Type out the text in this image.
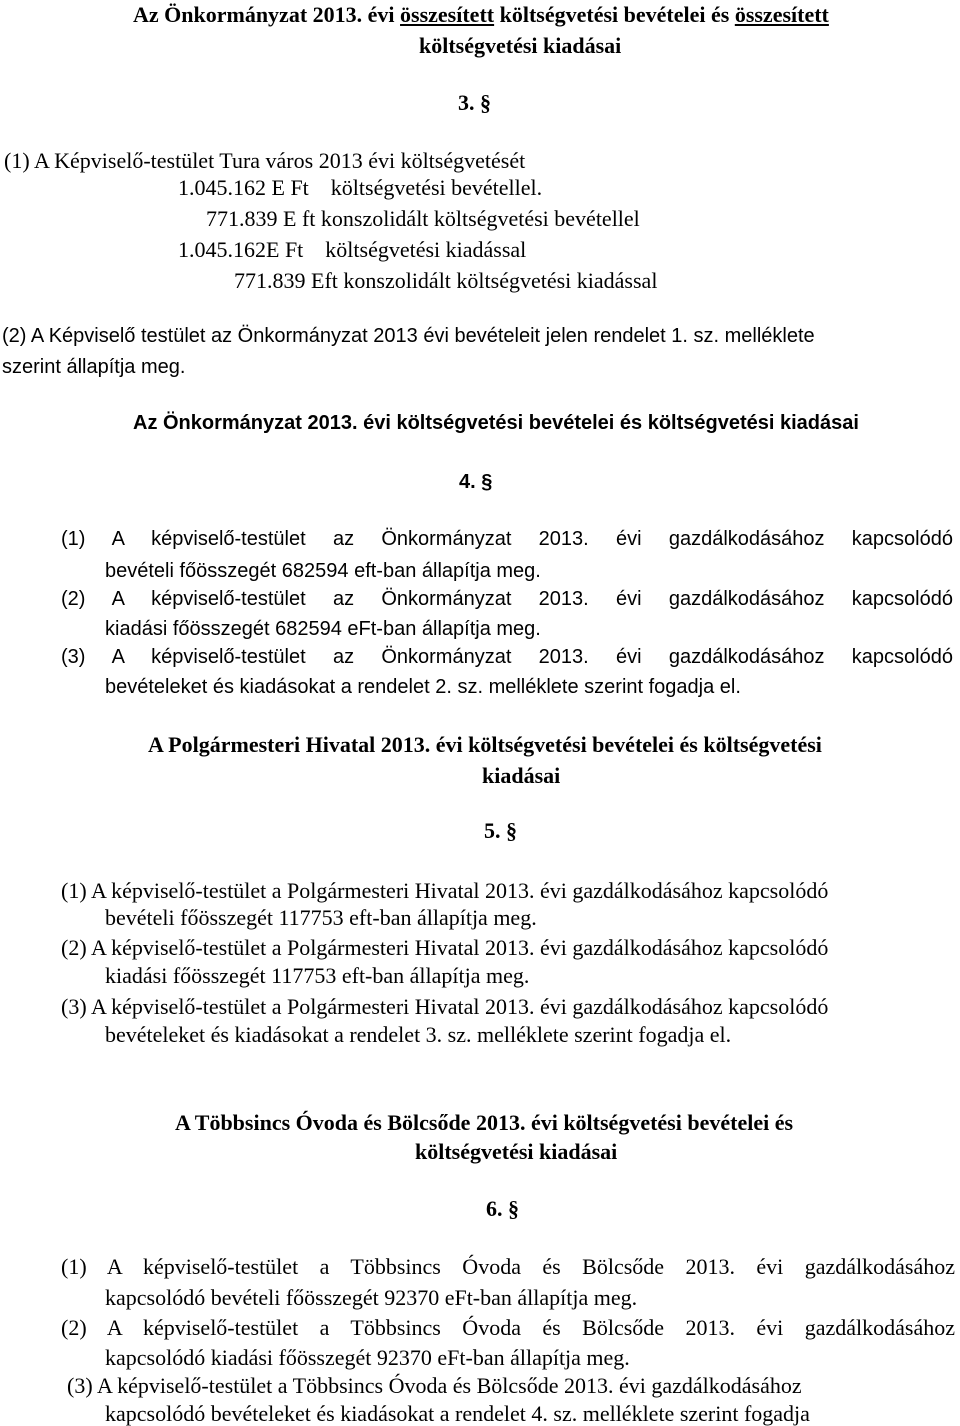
Az Önkormányzat 2013. évi összesített költségvetési bevételei és összesített
költségvetési kiadásai
3. §
(1) A Képviselő-testület Tura város 2013 évi költségvetését
1.045.162 E Ft    költségvetési bevétellel.
771.839 E ft konszolidált költségvetési bevétellel
1.045.162E Ft    költségvetési kiadással
771.839 Eft konszolidált költségvetési kiadással
(2) A Képviselő testület az Önkormányzat 2013 évi bevételeit jelen rendelet 1. sz. melléklete
szerint állapítja meg.
Az Önkormányzat 2013. évi költségvetési bevételei és költségvetési kiadásai
4. §
(1) A képviselő-testület az Önkormányzat 2013. évi gazdálkodásához kapcsolódó
bevételi főösszegét 682594 eft-ban állapítja meg.
(2) A képviselő-testület az Önkormányzat 2013. évi gazdálkodásához kapcsolódó
kiadási főösszegét 682594 eFt-ban állapítja meg.
(3) A képviselő-testület az Önkormányzat 2013. évi gazdálkodásához kapcsolódó
bevételeket és kiadásokat a rendelet 2. sz. melléklete szerint fogadja el.
A Polgármesteri Hivatal 2013. évi költségvetési bevételei és költségvetési
kiadásai
5. §
(1) A képviselő-testület a Polgármesteri Hivatal 2013. évi gazdálkodásához kapcsolódó
bevételi főösszegét 117753 eft-ban állapítja meg.
(2) A képviselő-testület a Polgármesteri Hivatal 2013. évi gazdálkodásához kapcsolódó
kiadási főösszegét 117753 eft-ban állapítja meg.
(3) A képviselő-testület a Polgármesteri Hivatal 2013. évi gazdálkodásához kapcsolódó
bevételeket és kiadásokat a rendelet 3. sz. melléklete szerint fogadja el.
A Többsincs Óvoda és Bölcsőde 2013. évi költségvetési bevételei és
költségvetési kiadásai
6. §
(1) A képviselő-testület a Többsincs Óvoda és Bölcsőde 2013. évi gazdálkodásához
kapcsolódó bevételi főösszegét 92370 eFt-ban állapítja meg.
(2) A képviselő-testület a Többsincs Óvoda és Bölcsőde 2013. évi gazdálkodásához
kapcsolódó kiadási főösszegét 92370 eFt-ban állapítja meg.
(3) A képviselő-testület a Többsincs Óvoda és Bölcsőde 2013. évi gazdálkodásához
kapcsolódó bevételeket és kiadásokat a rendelet 4. sz. melléklete szerint fogadja
